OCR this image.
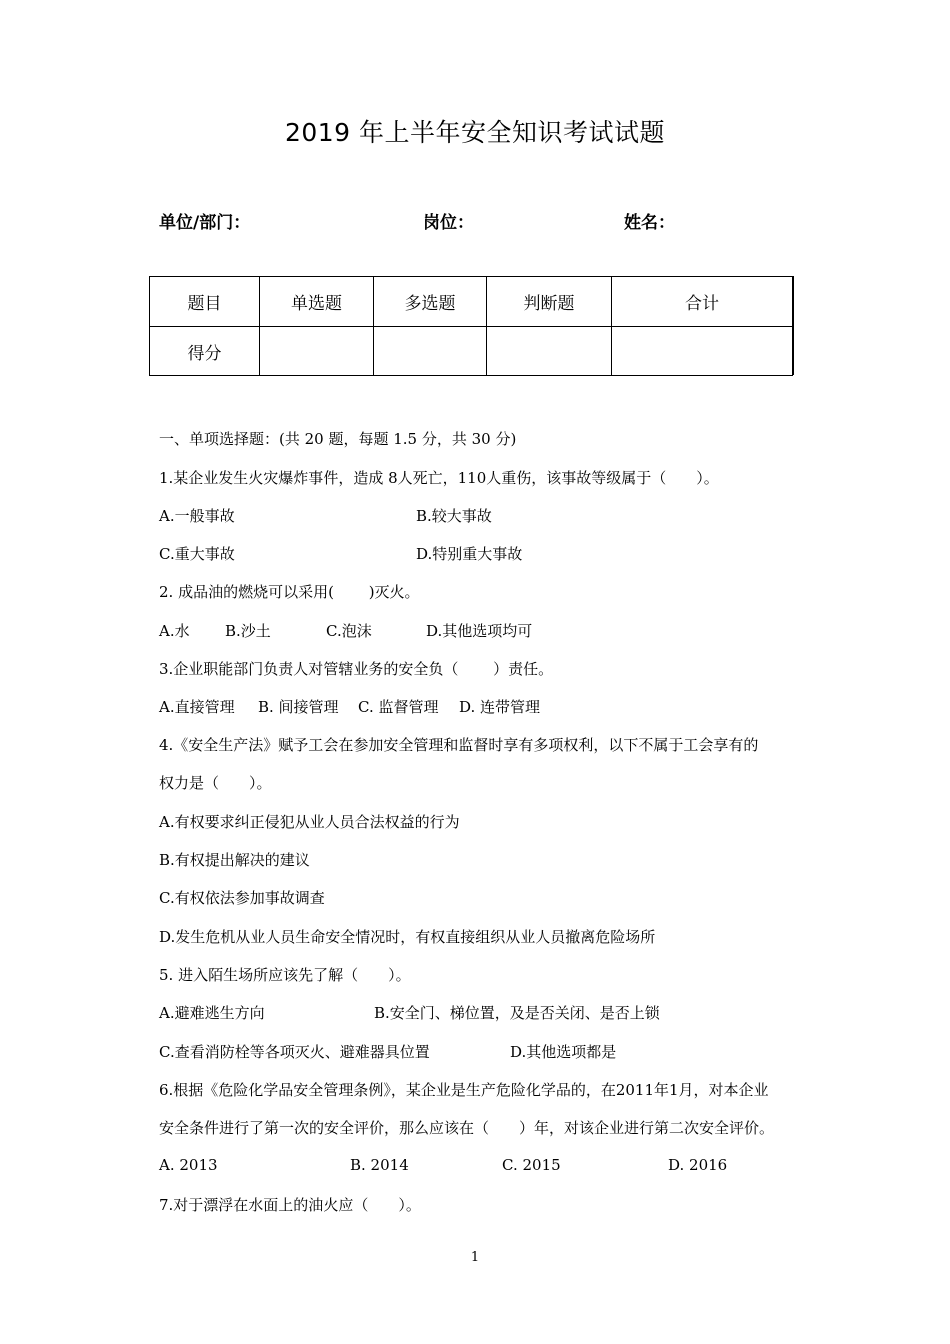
2019 年上半年安全知识考试试题
单位/部门：	岗位：	姓名：
题目	单选题	多选题	判断题	合计
得分				
一、单项选择题：(共 20 题，每题 1.5 分，共 30 分)
1.某企业发生火灾爆炸事件，造成 8人死亡，110人重伤，该事故等级属于（　　）。
A.一般事故	B.较大事故
C.重大事故	D.特别重大事故
2. 成品油的燃烧可以采用(　　 )灭火。
A.水 B.沙土	C.泡沫	D.其他选项均可
3.企业职能部门负责人对管辖业务的安全负（　　 ）责任。
A.直接管理 B. 间接管理 C. 监督管理 D. 连带管理
4.《安全生产法》赋予工会在参加安全管理和监督时享有多项权利，以下不属于工会享有的
权力是（　　）。
A.有权要求纠正侵犯从业人员合法权益的行为
B.有权提出解决的建议
C.有权依法参加事故调查
D.发生危机从业人员生命安全情况时，有权直接组织从业人员撤离危险场所
5. 进入陌生场所应该先了解（　　）。
A.避难逃生方向	B.安全门、梯位置，及是否关闭、是否上锁
C.查看消防栓等各项灭火、避难器具位置	D.其他选项都是
6.根据《危险化学品安全管理条例》，某企业是生产危险化学品的，在2011年1月，对本企业
安全条件进行了第一次的安全评价，那么应该在（　　）年，对该企业进行第二次安全评价。
A. 2013	B. 2014	C. 2015	D. 2016
7.对于漂浮在水面上的油火应（　　）。
1
